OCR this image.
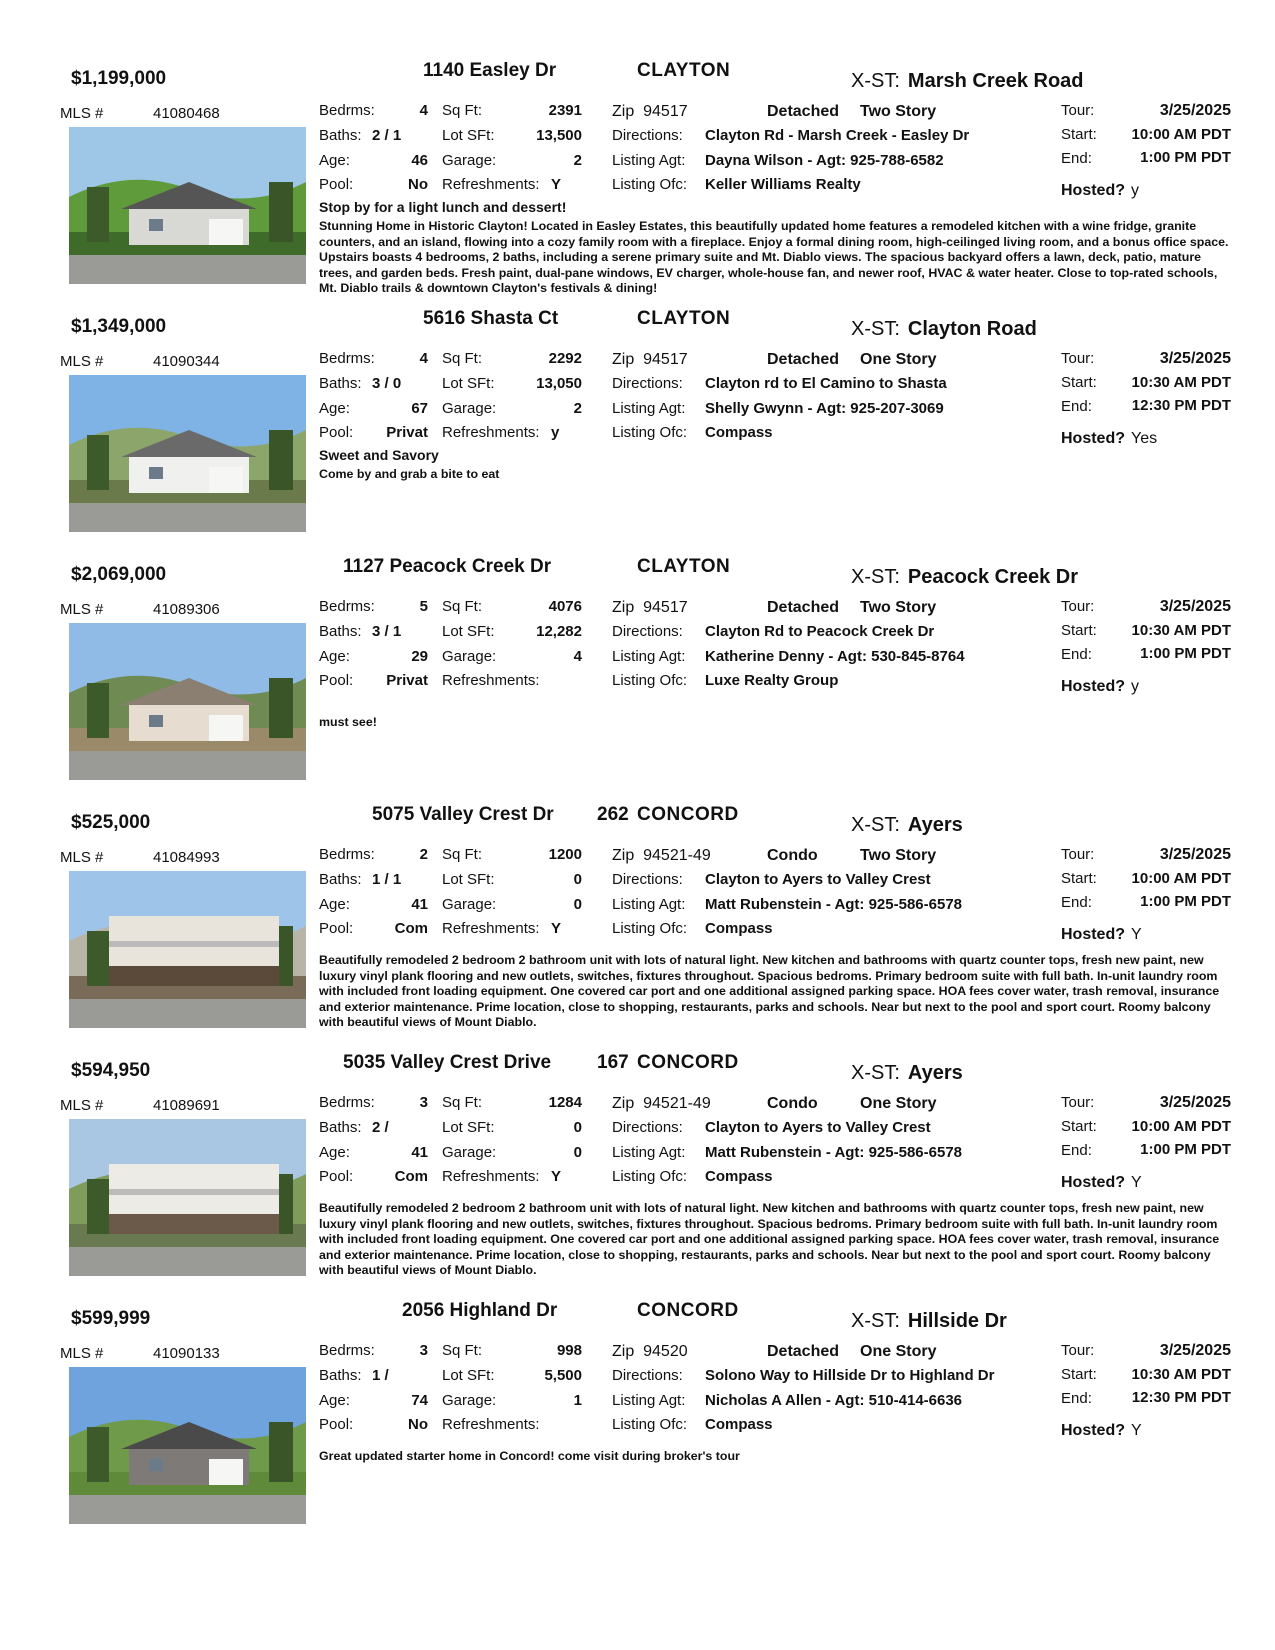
$1,199,000	1140 Easley Dr	CLAYTON	X-ST: Marsh Creek Road
MLS #	41080468	Bedrms:	4 Sq Ft:	2391
Baths: 2 / 1	Lot SFt:	13,500
Age:	46 Garage:	2
Pool:	No Refreshments: Y
Zip 94517	Detached Two Story
Directions: Clayton Rd - Marsh Creek - Easley Dr
Listing Agt: Dayna Wilson - Agt: 925-788-6582
Listing Ofc: Keller Williams Realty
Tour:	3/25/2025
Start:	10:00 AM PDT
End:	1:00 PM PDT
Hosted? y
Stop by for a light lunch and dessert!
Stunning Home in Historic Clayton! Located in Easley Estates, this beautifully updated home features a remodeled kitchen with a wine fridge, granite counters, and an island, flowing into a cozy family room with a fireplace. Enjoy a formal dining room, high-ceilinged living room, and a bonus office space. Upstairs boasts 4 bedrooms, 2 baths, including a serene primary suite and Mt. Diablo views. The spacious backyard offers a lawn, deck, patio, mature trees, and garden beds. Fresh paint, dual-pane windows, EV charger, whole-house fan, and newer roof, HVAC & water heater. Close to top-rated schools, Mt. Diablo trails & downtown Clayton's festivals & dining!
$1,349,000	5616 Shasta Ct	CLAYTON	X-ST: Clayton Road
MLS #	41090344	Bedrms:	4 Sq Ft:	2292
Baths: 3 / 0	Lot SFt:	13,050
Age:	67 Garage:	2
Pool:	Privat Refreshments: y
Zip 94517	Detached One Story
Directions: Clayton rd to El Camino to Shasta
Listing Agt: Shelly Gwynn - Agt: 925-207-3069
Listing Ofc: Compass
Tour:	3/25/2025
Start:	10:30 AM PDT
End:	12:30 PM PDT
Hosted? Yes
Sweet and Savory
Come by and grab a bite to eat
$2,069,000	1127 Peacock Creek Dr	CLAYTON	X-ST: Peacock Creek Dr
MLS #	41089306	Bedrms:	5 Sq Ft:	4076
Baths: 3 / 1	Lot SFt:	12,282
Age:	29 Garage:	4
Pool:	Privat Refreshments:
Zip 94517	Detached Two Story
Directions: Clayton Rd to Peacock Creek Dr
Listing Agt: Katherine Denny - Agt: 530-845-8764
Listing Ofc: Luxe Realty Group
Tour:	3/25/2025
Start:	10:30 AM PDT
End:	1:00 PM PDT
Hosted? y
must see!
$525,000	5075 Valley Crest Dr 262 CONCORD	X-ST: Ayers
MLS #	41084993	Bedrms:	2 Sq Ft:	1200
Baths: 1 / 1	Lot SFt:	0
Age:	41 Garage:	0
Pool:	Com Refreshments: Y
Zip 94521-49	Condo	Two Story
Directions: Clayton to Ayers to Valley Crest
Listing Agt: Matt Rubenstein - Agt: 925-586-6578
Listing Ofc: Compass
Tour:	3/25/2025
Start:	10:00 AM PDT
End:	1:00 PM PDT
Hosted? Y
Beautifully remodeled 2 bedroom 2 bathroom unit with lots of natural light. New kitchen and bathrooms with quartz counter tops, fresh new paint, new luxury vinyl plank flooring and new outlets, switches, fixtures throughout. Spacious bedroms. Primary bedroom suite with full bath. In-unit laundry room with included front loading equipment. One covered car port and one additional assigned parking space. HOA fees cover water, trash removal, insurance and exterior maintenance. Prime location, close to shopping, restaurants, parks and schools. Near but next to the pool and sport court. Roomy balcony with beautiful views of Mount Diablo.
$594,950	5035 Valley Crest Drive 167 CONCORD	X-ST: Ayers
MLS #	41089691	Bedrms:	3 Sq Ft:	1284
Baths: 2 /	Lot SFt:	0
Age:	41 Garage:	0
Pool:	Com Refreshments: Y
Zip 94521-49	Condo	One Story
Directions: Clayton to Ayers to Valley Crest
Listing Agt: Matt Rubenstein - Agt: 925-586-6578
Listing Ofc: Compass
Tour:	3/25/2025
Start:	10:00 AM PDT
End:	1:00 PM PDT
Hosted? Y
Beautifully remodeled 2 bedroom 2 bathroom unit with lots of natural light. New kitchen and bathrooms with quartz counter tops, fresh new paint, new luxury vinyl plank flooring and new outlets, switches, fixtures throughout. Spacious bedroms. Primary bedroom suite with full bath. In-unit laundry room with included front loading equipment. One covered car port and one additional assigned parking space. HOA fees cover water, trash removal, insurance and exterior maintenance. Prime location, close to shopping, restaurants, parks and schools. Near but next to the pool and sport court. Roomy balcony with beautiful views of Mount Diablo.
$599,999	2056 Highland Dr	CONCORD	X-ST: Hillside Dr
MLS #	41090133	Bedrms:	3 Sq Ft:	998
Baths: 1 /	Lot SFt:	5,500
Age:	74 Garage:	1
Pool:	No Refreshments:
Zip 94520	Detached One Story
Directions: Solono Way to Hillside Dr to Highland Dr
Listing Agt: Nicholas A Allen - Agt: 510-414-6636
Listing Ofc: Compass
Tour:	3/25/2025
Start:	10:30 AM PDT
End:	12:30 PM PDT
Hosted? Y
Great updated starter home in Concord! come visit during broker's tour
